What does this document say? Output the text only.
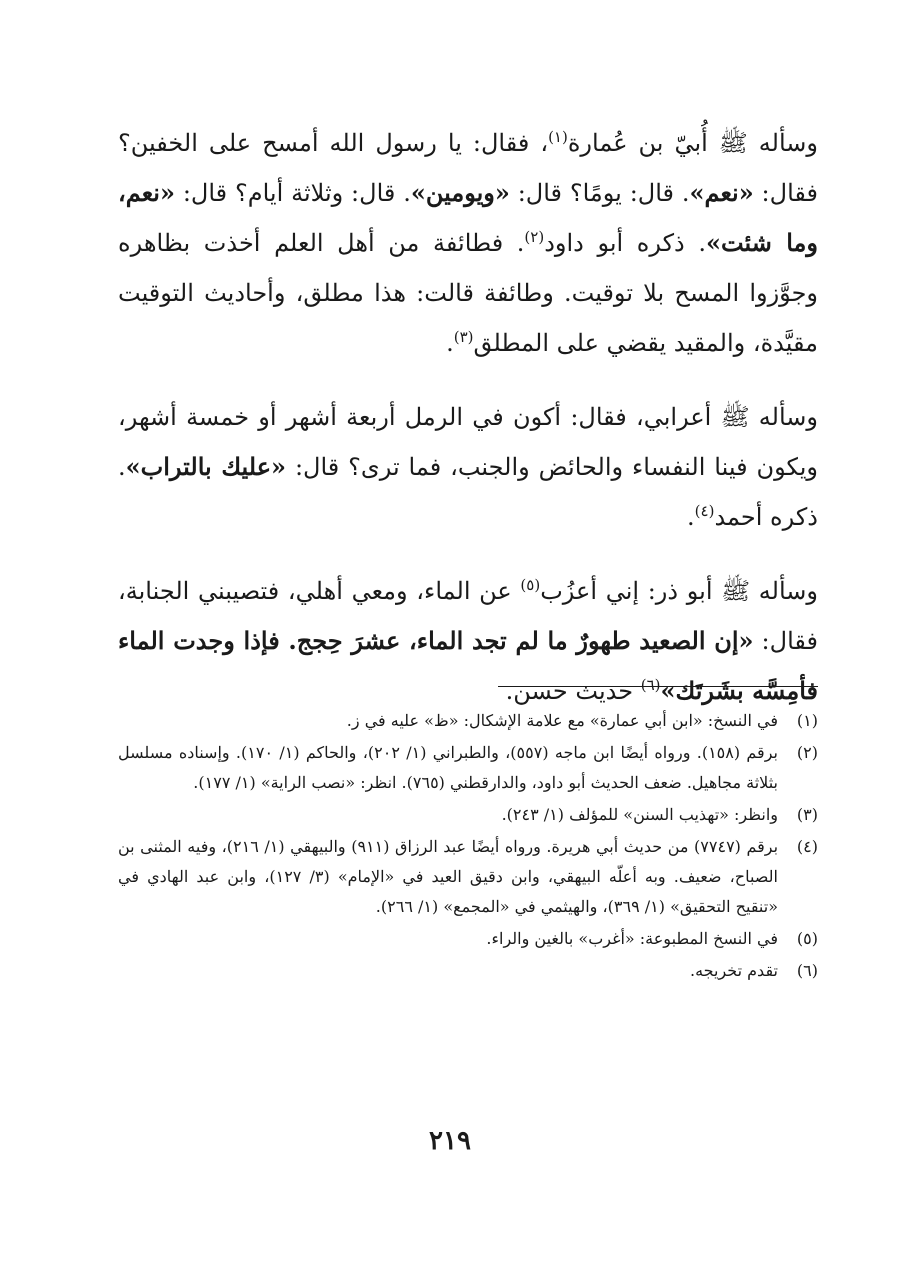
وسأله ﷺ أُبيّ بن عُمارة$^{(١)}$، فقال: يا رسول الله أمسح على الخفين؟ فقال: «نعم». قال: يومًا؟ قال: «ويومين». قال: وثلاثة أيام؟ قال: «نعم، وما شئت». ذكره أبو داود$^{(٢)}$. فطائفة من أهل العلم أخذت بظاهره وجوَّزوا المسح بلا توقيت. وطائفة قالت: هذا مطلق، وأحاديث التوقيت مقيَّدة، والمقيد يقضي على المطلق$^{(٣)}$.

وسأله ﷺ أعرابي، فقال: أكون في الرمل أربعة أشهر أو خمسة أشهر، ويكون فينا النفساء والحائض والجنب، فما ترى؟ قال: «عليك بالتراب». ذكره أحمد$^{(٤)}$.

وسأله ﷺ أبو ذر: إني أعزُب$^{(٥)}$ عن الماء، ومعي أهلي، فتصيبني الجنابة، فقال: «إن الصعيد طهورٌ ما لم تجد الماء، عشرَ حِجج. فإذا وجدت الماء فأمِسَّه بشَرتَك»$^{(٦)}$ حديث حسن.

(١)
في النسخ: «ابن أبي عمارة» مع علامة الإشكال: «ظ» عليه في ز.
(٢)
برقم (١٥٨). ورواه أيضًا ابن ماجه (٥٥٧)، والطبراني (١/ ٢٠٢)، والحاكم (١/ ١٧٠). وإسناده مسلسل بثلاثة مجاهيل. ضعف الحديث أبو داود، والدارقطني (٧٦٥). انظر: «نصب الراية» (١/ ١٧٧).
(٣)
وانظر: «تهذيب السنن» للمؤلف (١/ ٢٤٣).
(٤)
برقم (٧٧٤٧) من حديث أبي هريرة. ورواه أيضًا عبد الرزاق (٩١١) والبيهقي (١/ ٢١٦)، وفيه المثنى بن الصباح، ضعيف. وبه أعلّه البيهقي، وابن دقيق العيد في «الإمام» (٣/ ١٢٧)، وابن عبد الهادي في «تنقيح التحقيق» (١/ ٣٦٩)، والهيثمي في «المجمع» (١/ ٢٦٦).
(٥)
في النسخ المطبوعة: «أغرب» بالغين والراء.
(٦)
تقدم تخريجه.
٢١٩
